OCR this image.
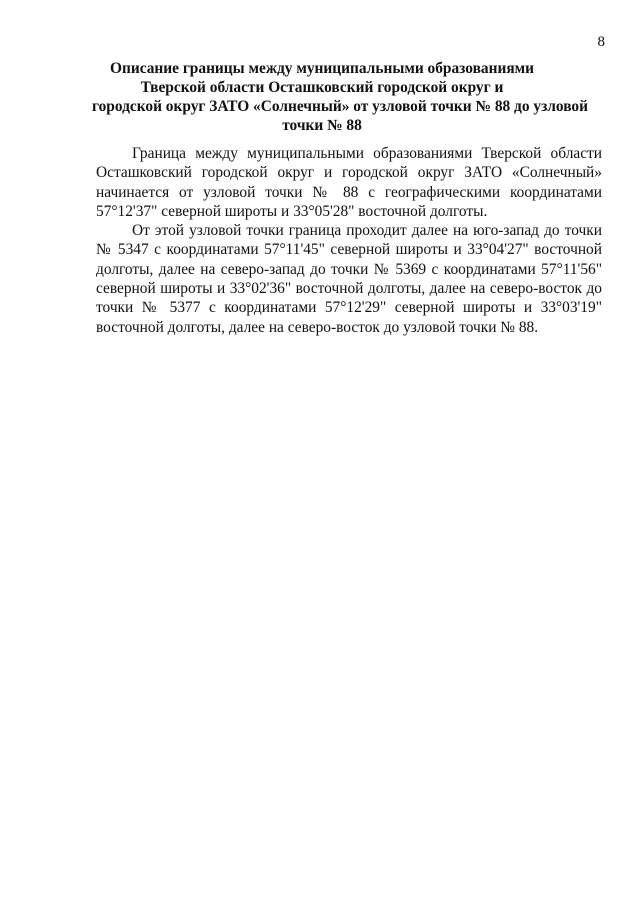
8
Описание границы между муниципальными образованиями
Тверской области Осташковский городской округ и
городской округ ЗАТО «Солнечный» от узловой точки № 88 до узловой
точки № 88

Граница между муниципальными образованиями Тверской области Осташковский городской округ и городской округ ЗАТО «Солнечный» начинается от узловой точки № 88 с географическими координатами 57°12'37" северной широты и 33°05'28" восточной долготы.

От этой узловой точки граница проходит далее на юго-запад до точки № 5347 с координатами 57°11'45" северной широты и 33°04'27" восточной долготы, далее на северо-запад до точки № 5369 с координатами 57°11'56" северной широты и 33°02'36" восточной долготы, далее на северо-восток до точки № 5377 с координатами 57°12'29" северной широты и 33°03'19" восточной долготы, далее на северо-восток до узловой точки № 88.
